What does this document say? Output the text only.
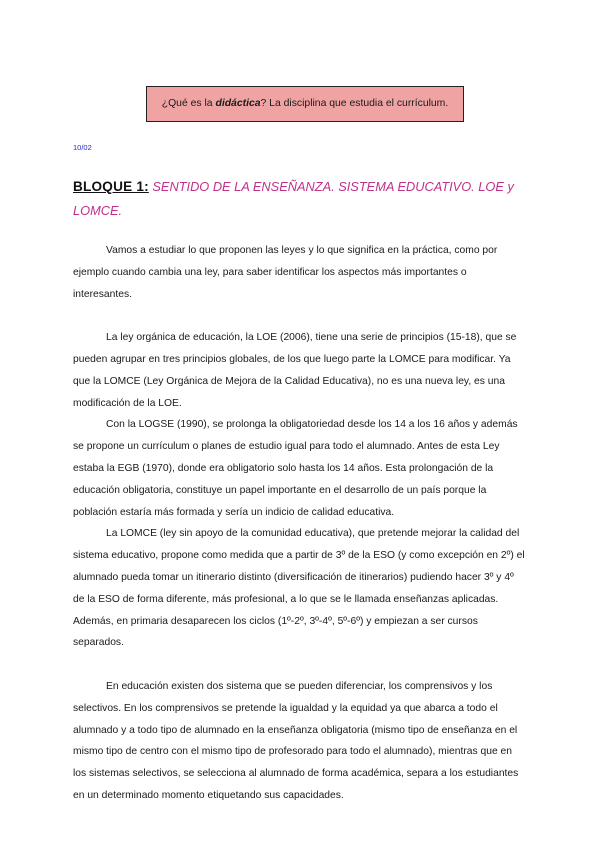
¿Qué es la didáctica? La disciplina que estudia el currículum.
10/02
BLOQUE 1: SENTIDO DE LA ENSEÑANZA. SISTEMA EDUCATIVO. LOE y LOMCE.

Vamos a estudiar lo que proponen las leyes y lo que significa en la práctica, como por ejemplo cuando cambia una ley, para saber identificar los aspectos más importantes o interesantes.

La ley orgánica de educación, la LOE (2006), tiene una serie de principios (15-18), que se pueden agrupar en tres principios globales, de los que luego parte la LOMCE para modificar. Ya que la LOMCE (Ley Orgánica de Mejora de la Calidad Educativa), no es una nueva ley, es una modificación de la LOE.

Con la LOGSE (1990), se prolonga la obligatoriedad desde los 14 a los 16 años y además se propone un currículum o planes de estudio igual para todo el alumnado. Antes de esta Ley estaba la EGB (1970), donde era obligatorio solo hasta los 14 años. Esta prolongación de la educación obligatoria, constituye un papel importante en el desarrollo de un país porque la población estaría más formada y sería un indicio de calidad educativa.

La LOMCE (ley sin apoyo de la comunidad educativa), que pretende mejorar la calidad del sistema educativo, propone como medida que a partir de 3º de la ESO (y como excepción en 2º) el alumnado pueda tomar un itinerario distinto (diversificación de itinerarios) pudiendo hacer 3º y 4º de la ESO de forma diferente, más profesional, a lo que se le llamada enseñanzas aplicadas. Además, en primaria desaparecen los ciclos (1º-2º, 3º-4º, 5º-6º) y empiezan a ser cursos separados.

En educación existen dos sistema que se pueden diferenciar, los comprensivos y los selectivos. En los comprensivos se pretende la igualdad y la equidad ya que abarca a todo el alumnado y a todo tipo de alumnado en la enseñanza obligatoria (mismo tipo de enseñanza en el mismo tipo de centro con el mismo tipo de profesorado para todo el alumnado), mientras que en los sistemas selectivos, se selecciona al alumnado de forma académica, separa a los estudiantes en un determinado momento etiquetando sus capacidades.
